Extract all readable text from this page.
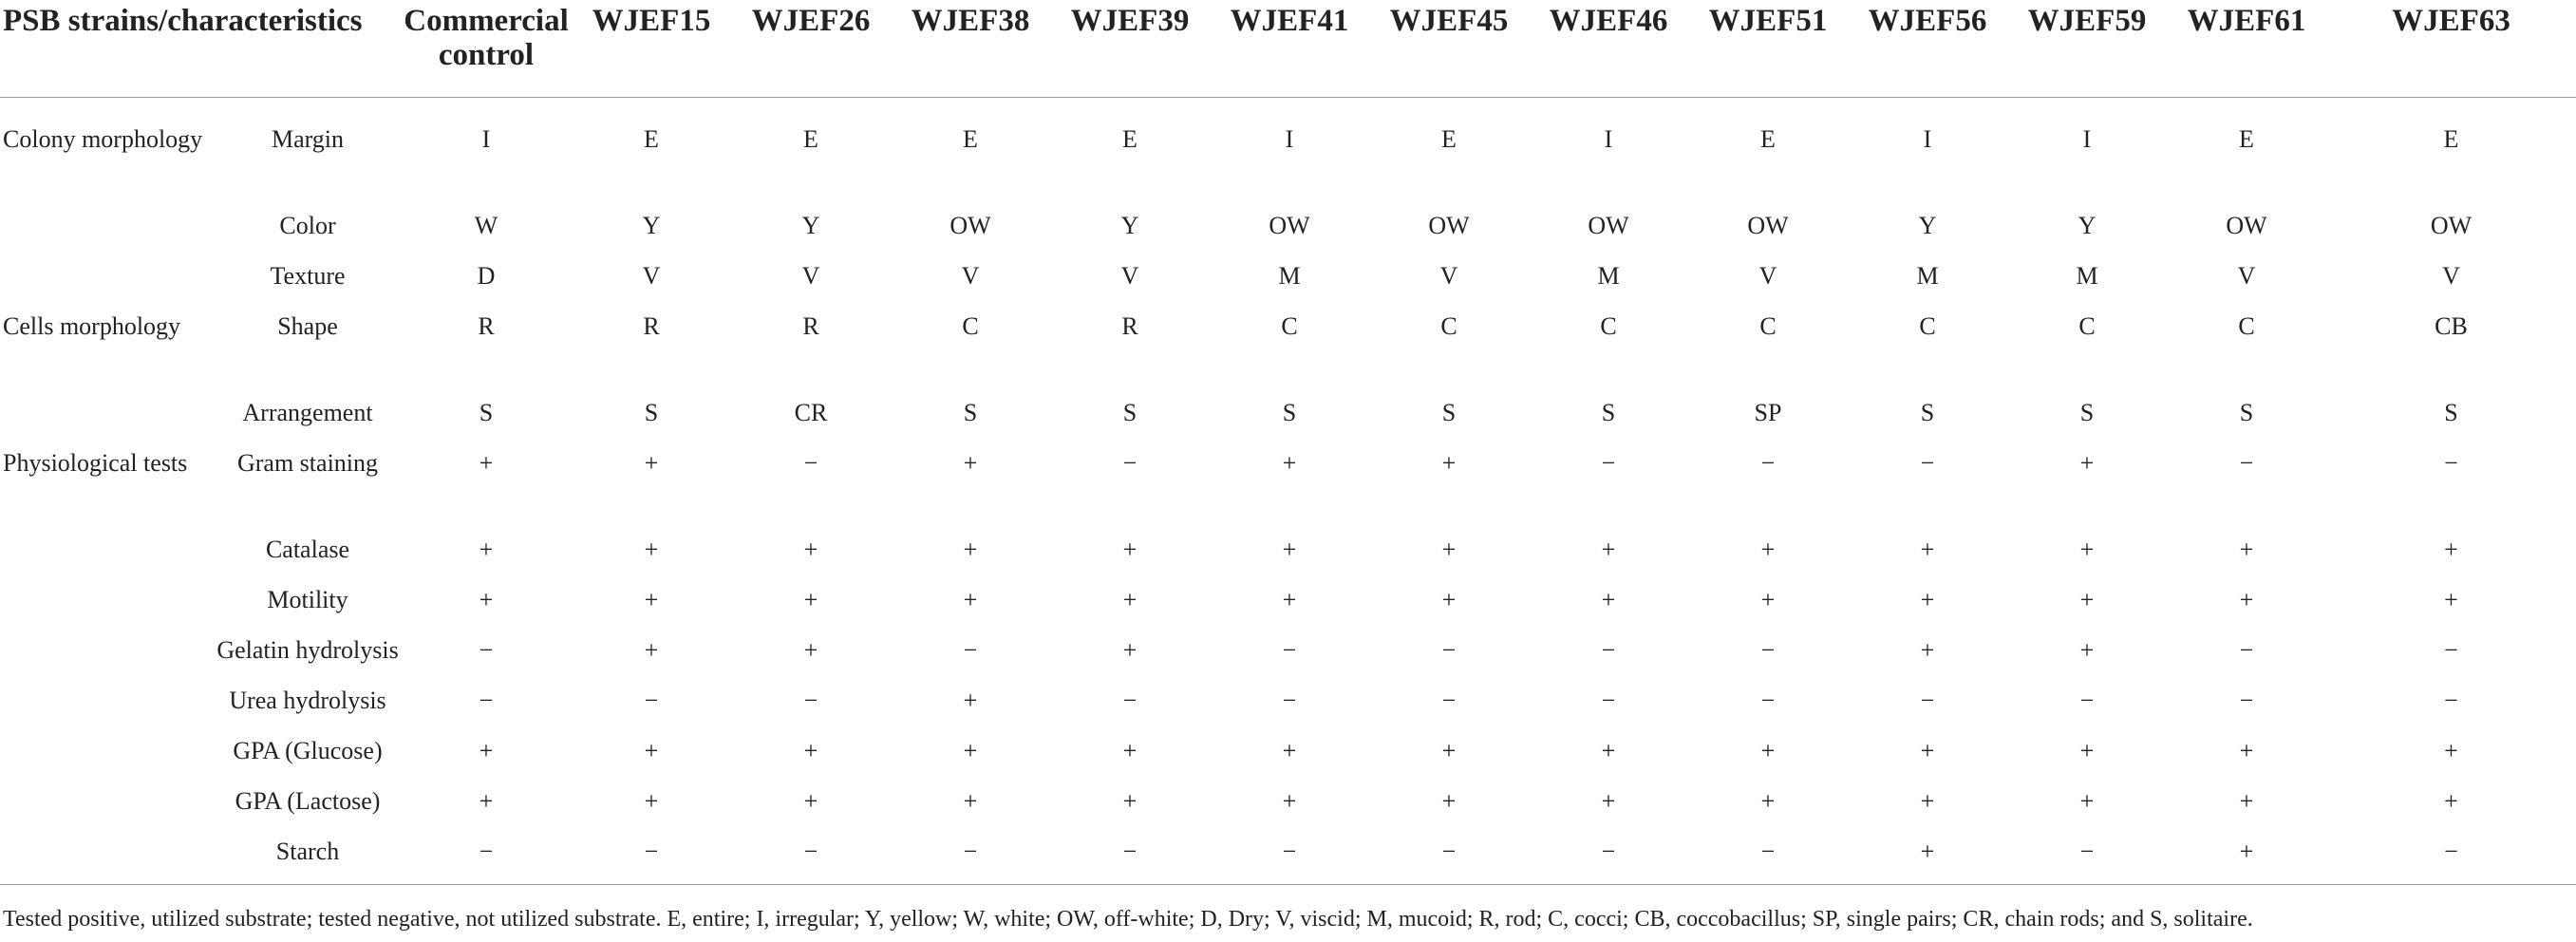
PSB strains/characteristics		Commercial control	WJEF15	WJEF26	WJEF38	WJEF39	WJEF41	WJEF45	WJEF46	WJEF51	WJEF56	WJEF59	WJEF61	WJEF63

Colony morphology	Margin	I	E	E	E	E	I	E	I	E	I	I	E	E
	Color	W	Y	Y	OW	Y	OW	OW	OW	OW	Y	Y	OW	OW
	Texture	D	V	V	V	V	M	V	M	V	M	M	V	V
Cells morphology	Shape	R	R	R	C	R	C	C	C	C	C	C	C	CB
	Arrangement	S	S	CR	S	S	S	S	S	SP	S	S	S	S
Physiological tests	Gram staining	+	+	−	+	−	+	+	−	−	−	+	−	−
	Catalase	+	+	+	+	+	+	+	+	+	+	+	+	+
	Motility	+	+	+	+	+	+	+	+	+	+	+	+	+
	Gelatin hydrolysis	−	+	+	−	+	−	−	−	−	+	+	−	−
	Urea hydrolysis	−	−	−	+	−	−	−	−	−	−	−	−	−
	GPA (Glucose)	+	+	+	+	+	+	+	+	+	+	+	+	+
	GPA (Lactose)	+	+	+	+	+	+	+	+	+	+	+	+	+
	Starch	−	−	−	−	−	−	−	−	−	+	−	+	−
Tested positive, utilized substrate; tested negative, not utilized substrate. E, entire; I, irregular; Y, yellow; W, white; OW, off-white; D, Dry; V, viscid; M, mucoid; R, rod; C, cocci; CB, coccobacillus; SP, single pairs; CR, chain rods; and S, solitaire.
